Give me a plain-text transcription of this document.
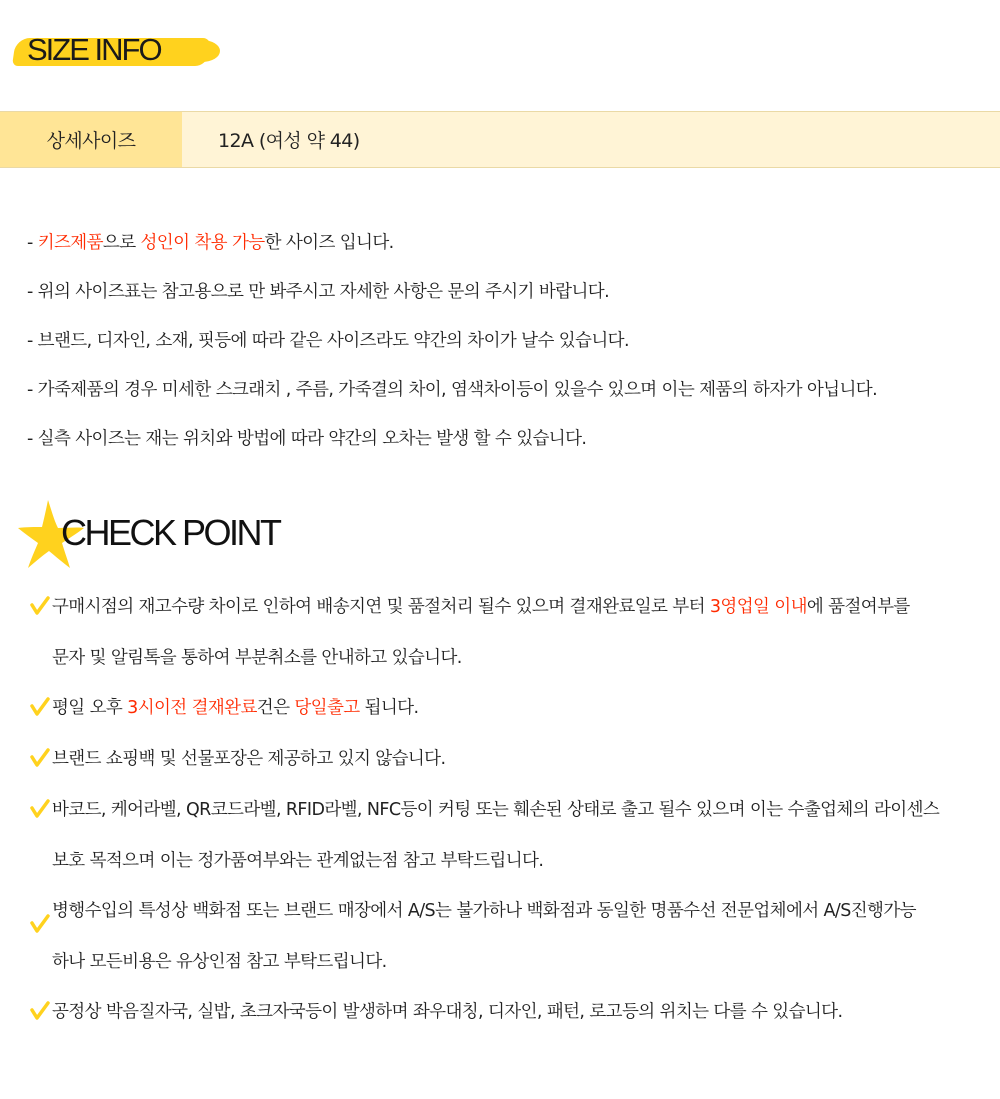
SIZE INFO
상세사이즈	12A (여성 약 44)
- 키즈제품으로 성인이 착용 가능한 사이즈 입니다.
- 위의 사이즈표는 참고용으로 만 봐주시고 자세한 사항은 문의 주시기 바랍니다.
- 브랜드, 디자인, 소재, 핏등에 따라 같은 사이즈라도 약간의 차이가 날수 있습니다.
- 가죽제품의 경우 미세한 스크래치 , 주름, 가죽결의 차이, 염색차이등이 있을수 있으며 이는 제품의 하자가 아닙니다.
- 실측 사이즈는 재는 위치와 방법에 따라 약간의 오차는 발생 할 수 있습니다.
CHECK POINT
구매시점의 재고수량 차이로 인하여 배송지연 및 품절처리 될수 있으며 결재완료일로 부터 3영업일 이내에 품절여부를
문자 및 알림톡을 통하여 부분취소를 안내하고 있습니다.
평일 오후 3시이전 결재완료건은 당일출고 됩니다.
브랜드 쇼핑백 및 선물포장은 제공하고 있지 않습니다.
바코드, 케어라벨, QR코드라벨, RFID라벨, NFC등이 커팅 또는 훼손된 상태로 출고 될수 있으며 이는 수출업체의 라이센스
보호 목적으며 이는 정가품여부와는 관계없는점 참고 부탁드립니다.
병행수입의 특성상 백화점 또는 브랜드 매장에서 A/S는 불가하나 백화점과 동일한 명품수선 전문업체에서 A/S진행가능
하나 모든비용은 유상인점 참고 부탁드립니다.
공정상 박음질자국, 실밥, 초크자국등이 발생하며 좌우대칭, 디자인, 패턴, 로고등의 위치는 다를 수 있습니다.
